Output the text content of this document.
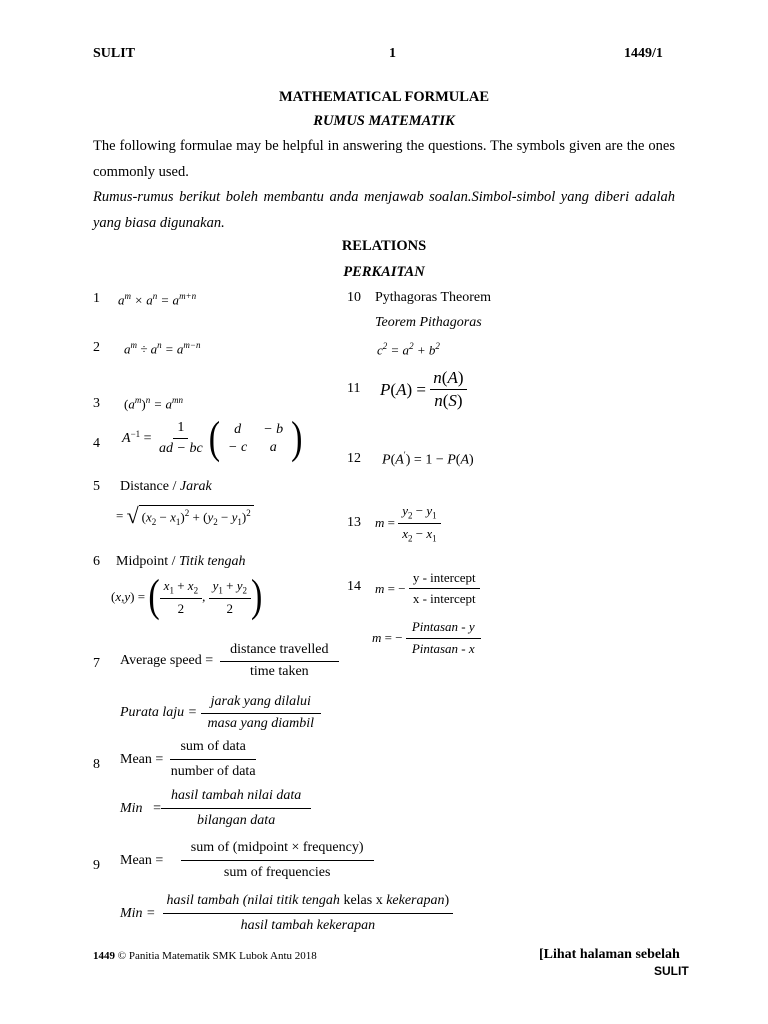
SULIT	1	1449/1
MATHEMATICAL FORMULAE
RUMUS MATEMATIK
The following formulae may be helpful in answering the questions. The symbols given are the ones commonly used.
Rumus-rumus berikut boleh membantu anda menjawab soalan.Simbol-simbol yang diberi adalah yang biasa digunakan.
RELATIONS
PERKAITAN
1 $a^m \times a^n = a^{m+n}$
2 $a^m \div a^n = a^{m-n}$
3 $(a^m)^n = a^{mn}$
4 $A^{-1} = \frac{1}{ad - bc}$ ( d	− b
− c	a )
5 Distance / Jarak
= √ $(x_2 - x_1)^2 + (y_2 - y_1)^2$
6 Midpoint / Titik tengah
( x , y ) = ( $\frac{x_1 + x_2}{2}$ , $\frac{y_1 + y_2}{2}$ )
7 Average speed =
$\frac{\text{distance travelled}}{\text{time taken}}$
Purata laju =
$\frac{\text{jarak yang dilalui}}{\text{masa yang diambil}}$
8 Mean =
$\frac{\text{sum of data}}{\text{number of data}}$
Min
= $\frac{\text{hasil tambah nilai data}}{\text{bilangan data}}$
9 Mean =
$\frac{\text{sum of (midpoint × frequency)}}{\text{sum of frequencies}}$
Min =
$\frac{\text{hasil tambah (nilai titik tengah kelas x kekerapan)}}{\text{hasil tambah kekerapan}}$
10 Pythagoras Theorem
Teorem Pithagoras
$c^2 = a^2 + b^2$
11 P ( A ) = $\frac{n(A)}{n(S)}$
12 P(A′) = 1 − P(A)
13 $m = \frac{y_2 - y_1}{x_2 - x_1}$
14 m = − $\frac{\text{y - intercept}}{\text{x - intercept}}$
m = − $\frac{\text{Pintasan - y}}{\text{Pintasan - x}}$
1449 © Panitia Matematik SMK Lubok Antu 2018	[Lihat halaman sebelah
SULIT
